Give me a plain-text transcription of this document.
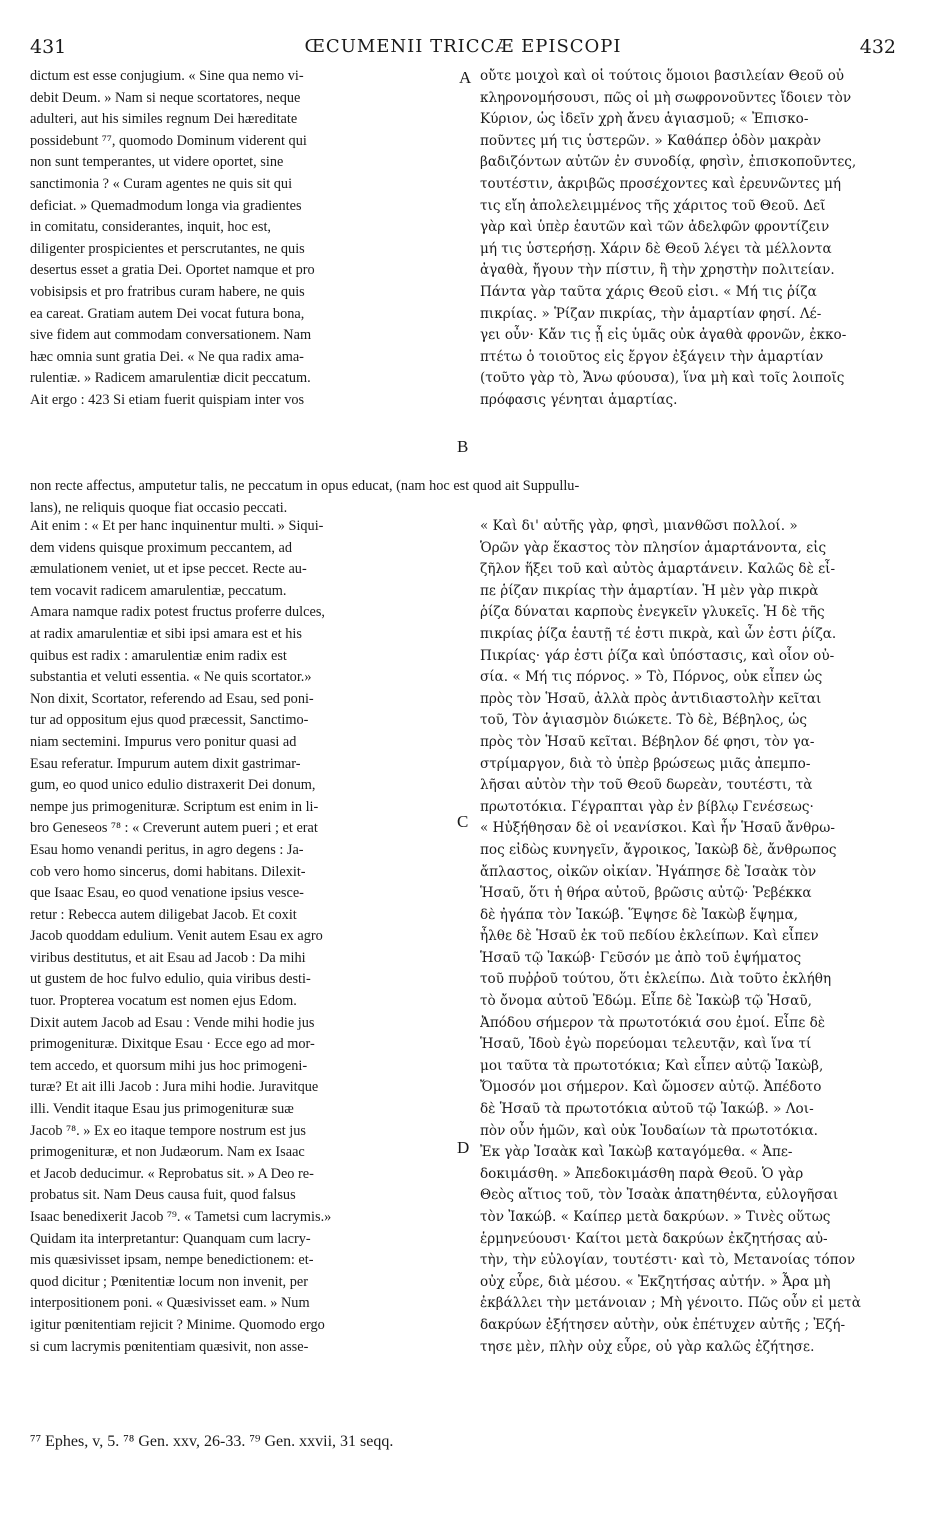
431	ŒCUMENII TRICCÆ EPISCOPI	432
dictum est esse conjugium. « Sine qua nemo vi-
debit Deum. » Nam si neque scortatores, neque
adulteri, aut his similes regnum Dei hæreditate
possidebunt ⁷⁷, quomodo Dominum viderent qui
non sunt temperantes, ut videre oportet, sine
sanctimonia ? « Curam agentes ne quis sit qui
deficiat. » Quemadmodum longa via gradientes
in comitatu, considerantes, inquit, hoc est,
diligenter prospicientes et perscrutantes, ne quis
desertus esset a gratia Dei. Oportet namque et pro
vobisipsis et pro fratribus curam habere, ne quis
ea careat. Gratiam autem Dei vocat futura bona,
sive fidem aut commodam conversationem. Nam
hæc omnia sunt gratia Dei. « Ne qua radix ama-
rulentiæ. » Radicem amarulentiæ dicit peccatum.
Ait ergo : 423 Si etiam fuerit quispiam inter vos
οὔτε μοιχοὶ καὶ οἱ τούτοις ὅμοιοι βασιλείαν Θεοῦ οὐ
κληρονομήσουσι, πῶς οἱ μὴ σωφρονοῦντες ἴδοιεν τὸν
Κύριον, ὡς ἰδεῖν χρὴ ἄνευ ἁγιασμοῦ; « Ἐπισκο-
ποῦντες μή τις ὑστερῶν. » Καθάπερ ὁδὸν μακρὰν
βαδιζόντων αὐτῶν ἐν συνοδίᾳ, φησὶν, ἐπισκοποῦντες,
τουτέστιν, ἀκριβῶς προσέχοντες καὶ ἐρευνῶντες μή
τις εἴη ἀπολελειμμένος τῆς χάριτος τοῦ Θεοῦ. Δεῖ
γὰρ καὶ ὑπὲρ ἑαυτῶν καὶ τῶν ἀδελφῶν φροντίζειν
μή τις ὑστερήσῃ. Χάριν δὲ Θεοῦ λέγει τὰ μέλλοντα
ἀγαθὰ, ἤγουν τὴν πίστιν, ἢ τὴν χρηστὴν πολιτείαν.
Πάντα γὰρ ταῦτα χάρις Θεοῦ εἰσι. « Μή τις ῥίζα
πικρίας. » Ῥίζαν πικρίας, τὴν ἁμαρτίαν φησί. Λέ-
γει οὖν· Κἄν τις ᾖ εἰς ὑμᾶς οὐκ ἀγαθὰ φρονῶν, ἐκκο-
πτέτω ὁ τοιοῦτος εἰς ἔργον ἐξάγειν τὴν ἁμαρτίαν
(τοῦτο γὰρ τὸ, Ἄνω φύουσα), ἵνα μὴ καὶ τοῖς λοιποῖς
πρόφασις γένηται ἁμαρτίας.
A
B
non recte affectus, amputetur talis, ne peccatum in opus educat, (nam hoc est quod ait Suppullu-
lans), ne reliquis quoque fiat occasio peccati.
Ait enim : « Et per hanc inquinentur multi. » Siqui-
dem videns quisque proximum peccantem, ad
æmulationem veniet, ut et ipse peccet. Recte au-
tem vocavit radicem amarulentiæ, peccatum.
Amara namque radix potest fructus proferre dulces,
at radix amarulentiæ et sibi ipsi amara est et his
quibus est radix : amarulentiæ enim radix est
substantia et veluti essentia. « Ne quis scortator.»
Non dixit, Scortator, referendo ad Esau, sed poni-
tur ad oppositum ejus quod præcessit, Sanctimo-
niam sectemini. Impurus vero ponitur quasi ad
Esau referatur. Impurum autem dixit gastrimar-
gum, eo quod unico edulio distraxerit Dei donum,
nempe jus primogenituræ. Scriptum est enim in li-
bro Geneseos ⁷⁸ : « Creverunt autem pueri ; et erat
Esau homo venandi peritus, in agro degens : Ja-
cob vero homo sincerus, domi habitans. Dilexit-
que Isaac Esau, eo quod venatione ipsius vesce-
retur : Rebecca autem diligebat Jacob. Et coxit
Jacob quoddam edulium. Venit autem Esau ex agro
viribus destitutus, et ait Esau ad Jacob : Da mihi
ut gustem de hoc fulvo edulio, quia viribus desti-
tuor. Propterea vocatum est nomen ejus Edom.
Dixit autem Jacob ad Esau : Vende mihi hodie jus
primogenituræ. Dixitque Esau · Ecce ego ad mor-
tem accedo, et quorsum mihi jus hoc primogeni-
turæ? Et ait illi Jacob : Jura mihi hodie. Juravitque
illi. Vendit itaque Esau jus primogenituræ suæ
Jacob ⁷⁸. » Ex eo itaque tempore nostrum est jus
primogenituræ, et non Judæorum. Nam ex Isaac
et Jacob deducimur. « Reprobatus sit. » A Deo re-
probatus sit. Nam Deus causa fuit, quod falsus
Isaac benedixerit Jacob ⁷⁹. « Tametsi cum lacrymis.»
Quidam ita interpretantur: Quanquam cum lacry-
mis quæsivisset ipsam, nempe benedictionem: et-
quod dicitur ; Pœnitentiæ locum non invenit, per
interpositionem poni. « Quæsivisset eam. » Num
igitur pœnitentiam rejicit ? Minime. Quomodo ergo
si cum lacrymis pœnitentiam quæsivit, non asse-
« Καὶ δι' αὐτῆς γὰρ, φησὶ, μιανθῶσι πολλοί. »
Ὁρῶν γὰρ ἕκαστος τὸν πλησίον ἁμαρτάνοντα, εἰς
ζῆλον ἥξει τοῦ καὶ αὐτὸς ἁμαρτάνειν. Καλῶς δὲ εἶ-
πε ῥίζαν πικρίας τὴν ἁμαρτίαν. Ἡ μὲν γὰρ πικρὰ
ῥίζα δύναται καρποὺς ἐνεγκεῖν γλυκεῖς. Ἡ δὲ τῆς
πικρίας ῥίζα ἑαυτῇ τέ ἐστι πικρὰ, καὶ ὧν ἐστι ῥίζα.
Πικρίας· γάρ ἐστι ῥίζα καὶ ὑπόστασις, καὶ οἷον οὐ-
σία. « Μή τις πόρνος. » Τὸ, Πόρνος, οὐκ εἶπεν ὡς
πρὸς τὸν Ἡσαῦ, ἀλλὰ πρὸς ἀντιδιαστολὴν κεῖται
τοῦ, Τὸν ἁγιασμὸν διώκετε. Τὸ δὲ, Βέβηλος, ὡς
πρὸς τὸν Ἡσαῦ κεῖται. Βέβηλον δέ φησι, τὸν γα-
στρίμαργον, διὰ τὸ ὑπὲρ βρώσεως μιᾶς ἀπεμπο-
λῆσαι αὐτὸν τὴν τοῦ Θεοῦ δωρεὰν, τουτέστι, τὰ
πρωτοτόκια. Γέγραπται γὰρ ἐν βίβλῳ Γενέσεως·
« Ηὐξήθησαν δὲ οἱ νεανίσκοι. Καὶ ἦν Ἡσαῦ ἄνθρω-
πος εἰδὼς κυνηγεῖν, ἄγροικος, Ἰακὼβ δὲ, ἄνθρωπος
ἄπλαστος, οἰκῶν οἰκίαν. Ἠγάπησε δὲ Ἰσαὰκ τὸν
Ἡσαῦ, ὅτι ἡ θήρα αὐτοῦ, βρῶσις αὐτῷ· Ῥεβέκκα
δὲ ἠγάπα τὸν Ἰακώβ. Ἕψησε δὲ Ἰακὼβ ἕψημα,
ἦλθε δὲ Ἡσαῦ ἐκ τοῦ πεδίου ἐκλείπων. Καὶ εἶπεν
Ἡσαῦ τῷ Ἰακώβ· Γεῦσόν με ἀπὸ τοῦ ἑψήματος
τοῦ πυῤῥοῦ τούτου, ὅτι ἐκλείπω. Διὰ τοῦτο ἐκλήθη
τὸ ὄνομα αὐτοῦ Ἐδώμ. Εἶπε δὲ Ἰακὼβ τῷ Ἡσαῦ,
Ἀπόδου σήμερον τὰ πρωτοτόκιά σου ἐμοί. Εἶπε δὲ
Ἡσαῦ, Ἰδοὺ ἐγὼ πορεύομαι τελευτᾷν, καὶ ἵνα τί
μοι ταῦτα τὰ πρωτοτόκια; Καὶ εἶπεν αὐτῷ Ἰακὼβ,
Ὄμοσόν μοι σήμερον. Καὶ ὤμοσεν αὐτῷ. Ἀπέδοτο
δὲ Ἡσαῦ τὰ πρωτοτόκια αὐτοῦ τῷ Ἰακώβ. » Λοι-
πὸν οὖν ἡμῶν, καὶ οὐκ Ἰουδαίων τὰ πρωτοτόκια.
Ἐκ γὰρ Ἰσαὰκ καὶ Ἰακὼβ καταγόμεθα. « Ἀπε-
δοκιμάσθη. » Ἀπεδοκιμάσθη παρὰ Θεοῦ. Ὁ γὰρ
Θεὸς αἴτιος τοῦ, τὸν Ἰσαὰκ ἀπατηθέντα, εὐλογῆσαι
τὸν Ἰακώβ. « Καίπερ μετὰ δακρύων. » Τινὲς οὕτως
ἑρμηνεύουσι· Καίτοι μετὰ δακρύων ἐκζητήσας αὐ-
τὴν, τὴν εὐλογίαν, τουτέστι· καὶ τὸ, Μετανοίας τόπον
οὐχ εὗρε, διὰ μέσου. « Ἐκζητήσας αὐτήν. » Ἆρα μὴ
ἐκβάλλει τὴν μετάνοιαν ; Μὴ γένοιτο. Πῶς οὖν εἰ μετὰ
δακρύων ἐξήτησεν αὐτὴν, οὐκ ἐπέτυχεν αὐτῆς ; Ἐζή-
τησε μὲν, πλὴν οὐχ εὗρε, οὐ γὰρ καλῶς ἐζήτησε.
C
D
⁷⁷ Ephes, v, 5. ⁷⁸ Gen. xxv, 26-33. ⁷⁹ Gen. xxvii, 31 seqq.
